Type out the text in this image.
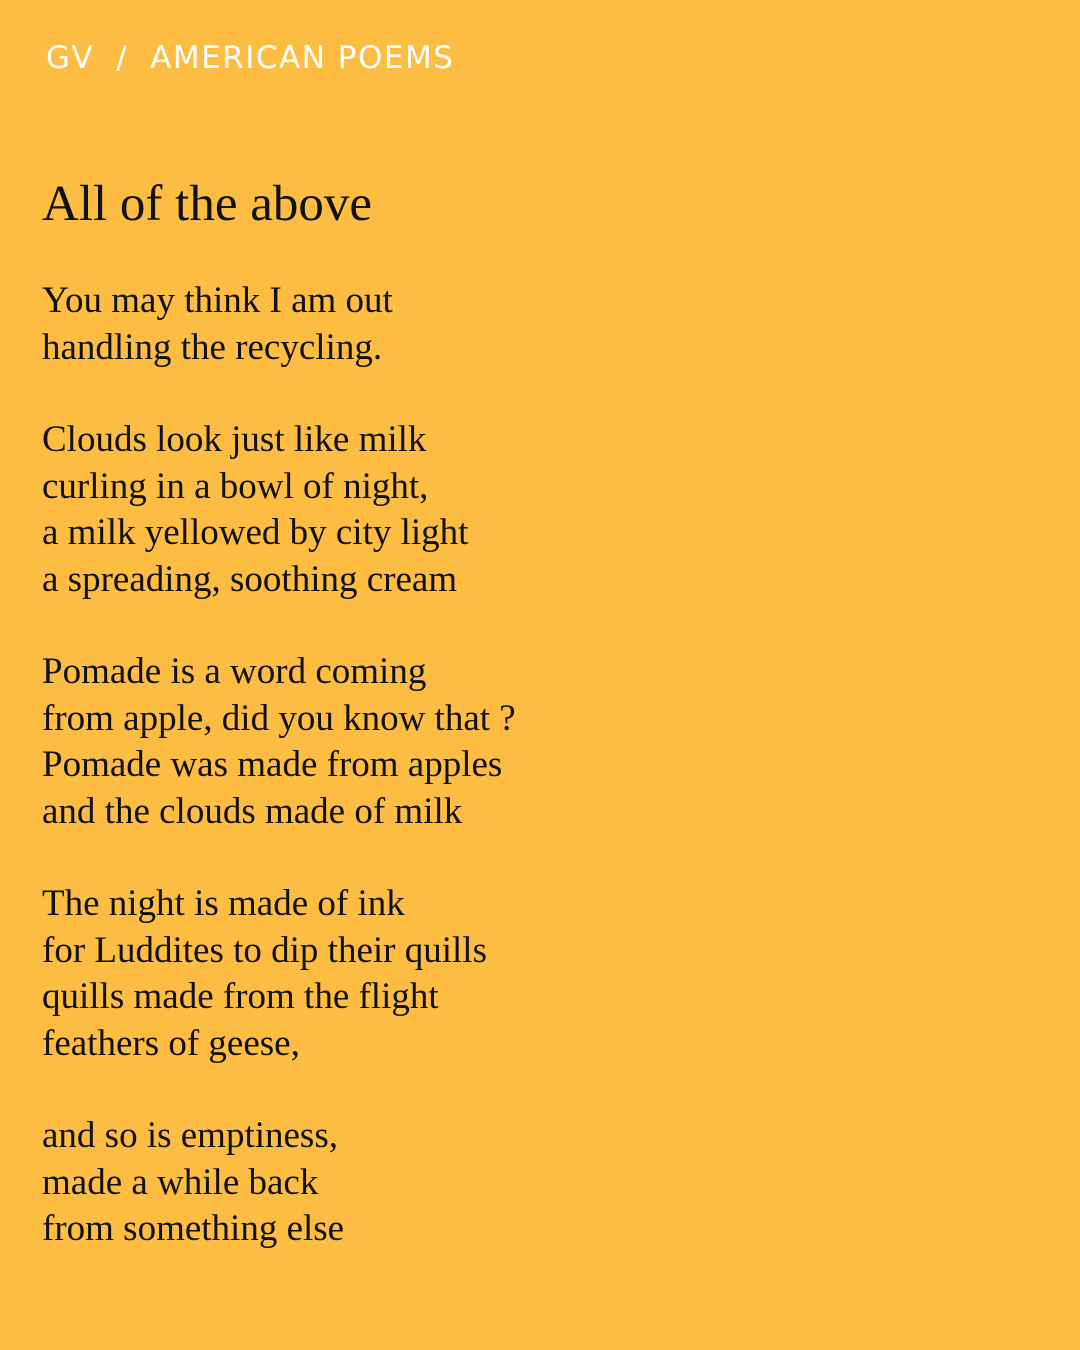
GV / AMERICAN POEMS
All of the above

You may think I am out
handling the recycling.

Clouds look just like milk
curling in a bowl of night,
a milk yellowed by city light
a spreading, soothing cream

Pomade is a word coming
from apple, did you know that ?
Pomade was made from apples
and the clouds made of milk

The night is made of ink
for Luddites to dip their quills
quills made from the flight
feathers of geese,

and so is emptiness,
made a while back
from something else
